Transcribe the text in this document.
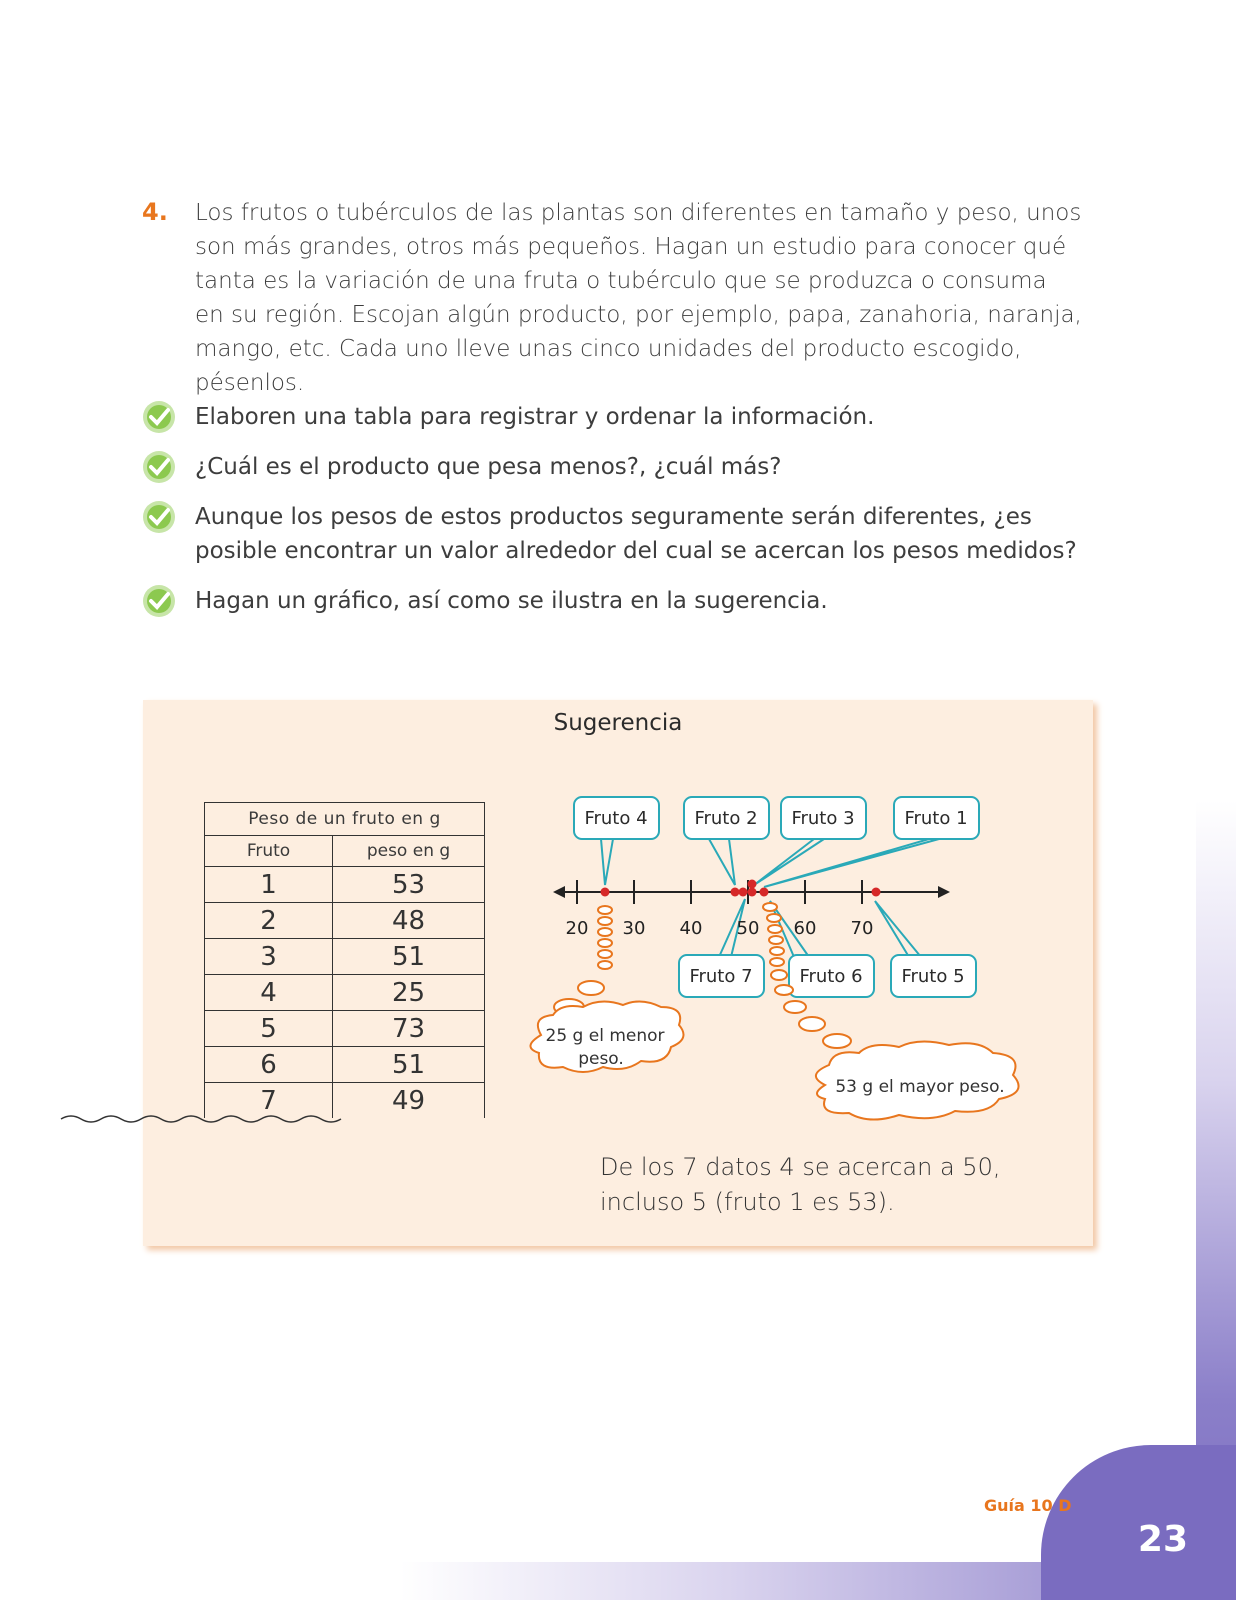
23
Guía 10 D
4. Los frutos o tubérculos de las plantas son diferentes en tamaño y peso, unos son más grandes, otros más pequeños. Hagan un estudio para conocer qué tanta es la variación de una fruta o tubérculo que se produzca o consuma en su región. Escojan algún producto, por ejemplo, papa, zanahoria, naranja, mango, etc. Cada uno lleve unas cinco unidades del producto escogido, pésenlos.
Elaboren una tabla para registrar y ordenar la información.
¿Cuál es el producto que pesa menos?, ¿cuál más?
Aunque los pesos de estos productos seguramente serán diferentes, ¿es posible encontrar un valor alrededor del cual se acercan los pesos medidos?
Hagan un gráfico, así como se ilustra en la sugerencia.
Sugerencia
Peso de un fruto en g	
Fruto	peso en g
1	53
2	48
3	51
4	25
5	73
6	51
7	49
Fruto 4	Fruto 2 Fruto 3	Fruto 1
Fruto 7	Fruto 6 Fruto 5
20 30 40 50 60 70
25 g el menor
peso.
53 g el mayor peso.
De los 7 datos 4 se acercan a 50, incluso 5 (fruto 1 es 53).
